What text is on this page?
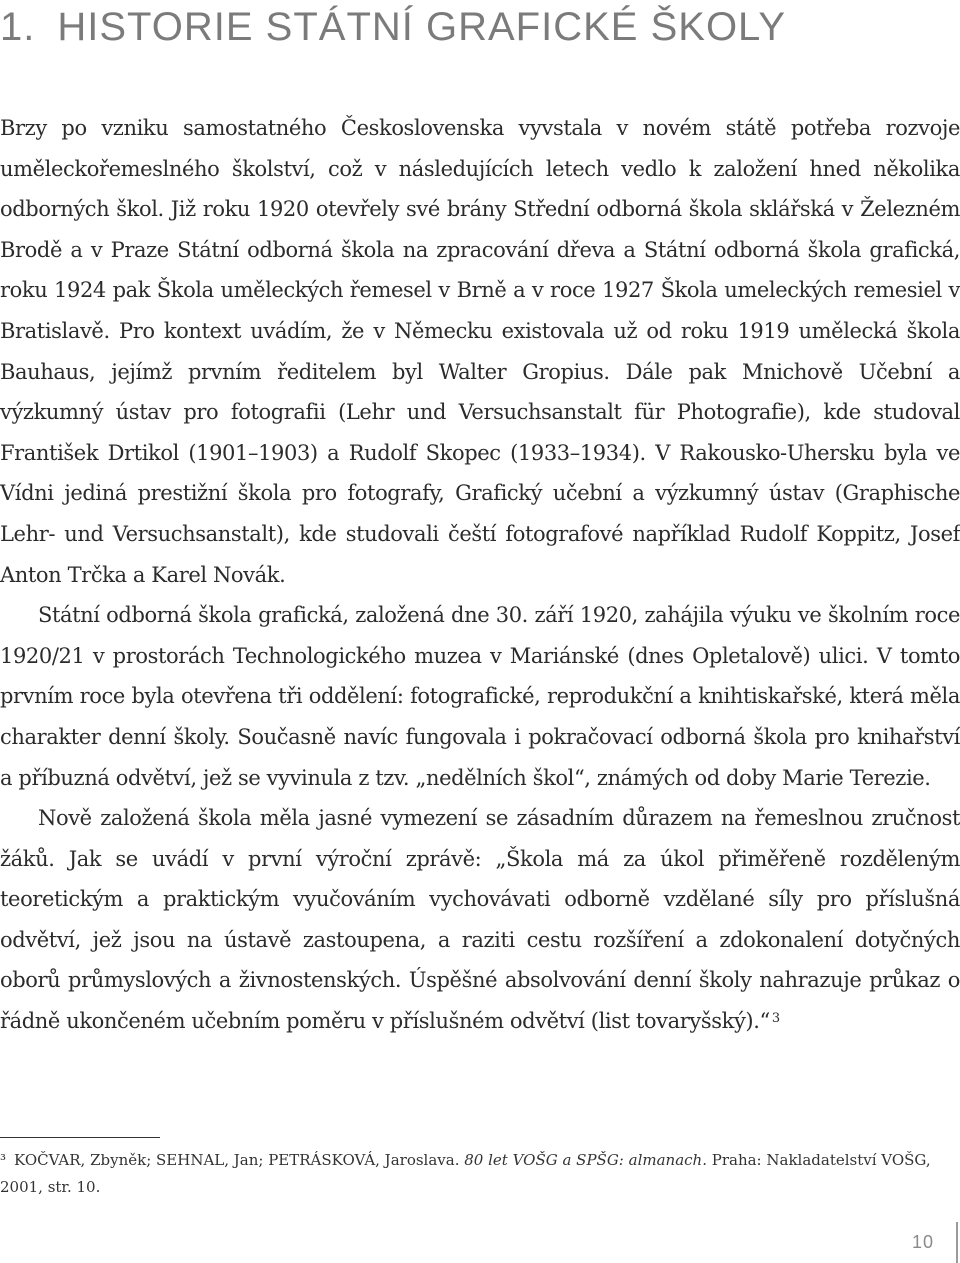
1. HISTORIE STÁTNÍ GRAFICKÉ ŠKOLY

Brzy po vzniku samostatného Československa vyvstala v novém státě potřeba rozvoje uměleckořemeslného školství, což v následujících letech vedlo k založení hned několika odborných škol. Již roku 1920 otevřely své brány Střední odborná škola sklářská v Železném Brodě a v Praze Státní odborná škola na zpracování dřeva a Státní odborná škola grafická, roku 1924 pak Škola uměleckých řemesel v Brně a v roce 1927 Škola umeleckých remesiel v Bratislavě. Pro kontext uvádím, že v Německu existovala už od roku 1919 umělecká škola Bauhaus, jejímž prvním ředitelem byl Walter Gropius. Dále pak Mnichově Učební a výzkumný ústav pro fotografii (Lehr und Versuchsanstalt für Photografie), kde studoval František Drtikol (1901–1903) a Rudolf Skopec (1933–1934). V Rakousko-Uhersku byla ve Vídni jediná prestižní škola pro fotografy, Grafický učební a výzkumný ústav (Graphische Lehr- und Versuchsanstalt), kde studovali čeští fotografové například Rudolf Koppitz, Josef Anton Trčka a Karel Novák.

Státní odborná škola grafická, založená dne 30. září 1920, zahájila výuku ve školním roce 1920/21 v prostorách Technologického muzea v Mariánské (dnes Opletalově) ulici. V tomto prvním roce byla otevřena tři oddělení: fotografické, reprodukční a knihtiskařské, která měla charakter denní školy. Současně navíc fungovala i pokračovací odborná škola pro knihařství a příbuzná odvětví, jež se vyvinula z tzv. „nedělních škol“, známých od doby Marie Terezie.

Nově založená škola měla jasné vymezení se zásadním důrazem na řemeslnou zručnost žáků. Jak se uvádí v první výroční zprávě: „Škola má za úkol přiměřeně rozděleným teoretickým a praktickým vyučováním vychovávati odborně vzdělané síly pro příslušná odvětví, jež jsou na ústavě zastoupena, a raziti cestu rozšíření a zdokonalení dotyčných oborů průmyslových a živnostenských. Úspěšné absolvování denní školy nahrazuje průkaz o řádně ukončeném učebním poměru v příslušném odvětví (list tovaryšský).“ $^3$

³ KOČVAR, Zbyněk; SEHNAL, Jan; PETRÁSKOVÁ, Jaroslava. 80 let VOŠG a SPŠG: almanach. Praha: Nakladatelství VOŠG, 2001, str. 10.

10
